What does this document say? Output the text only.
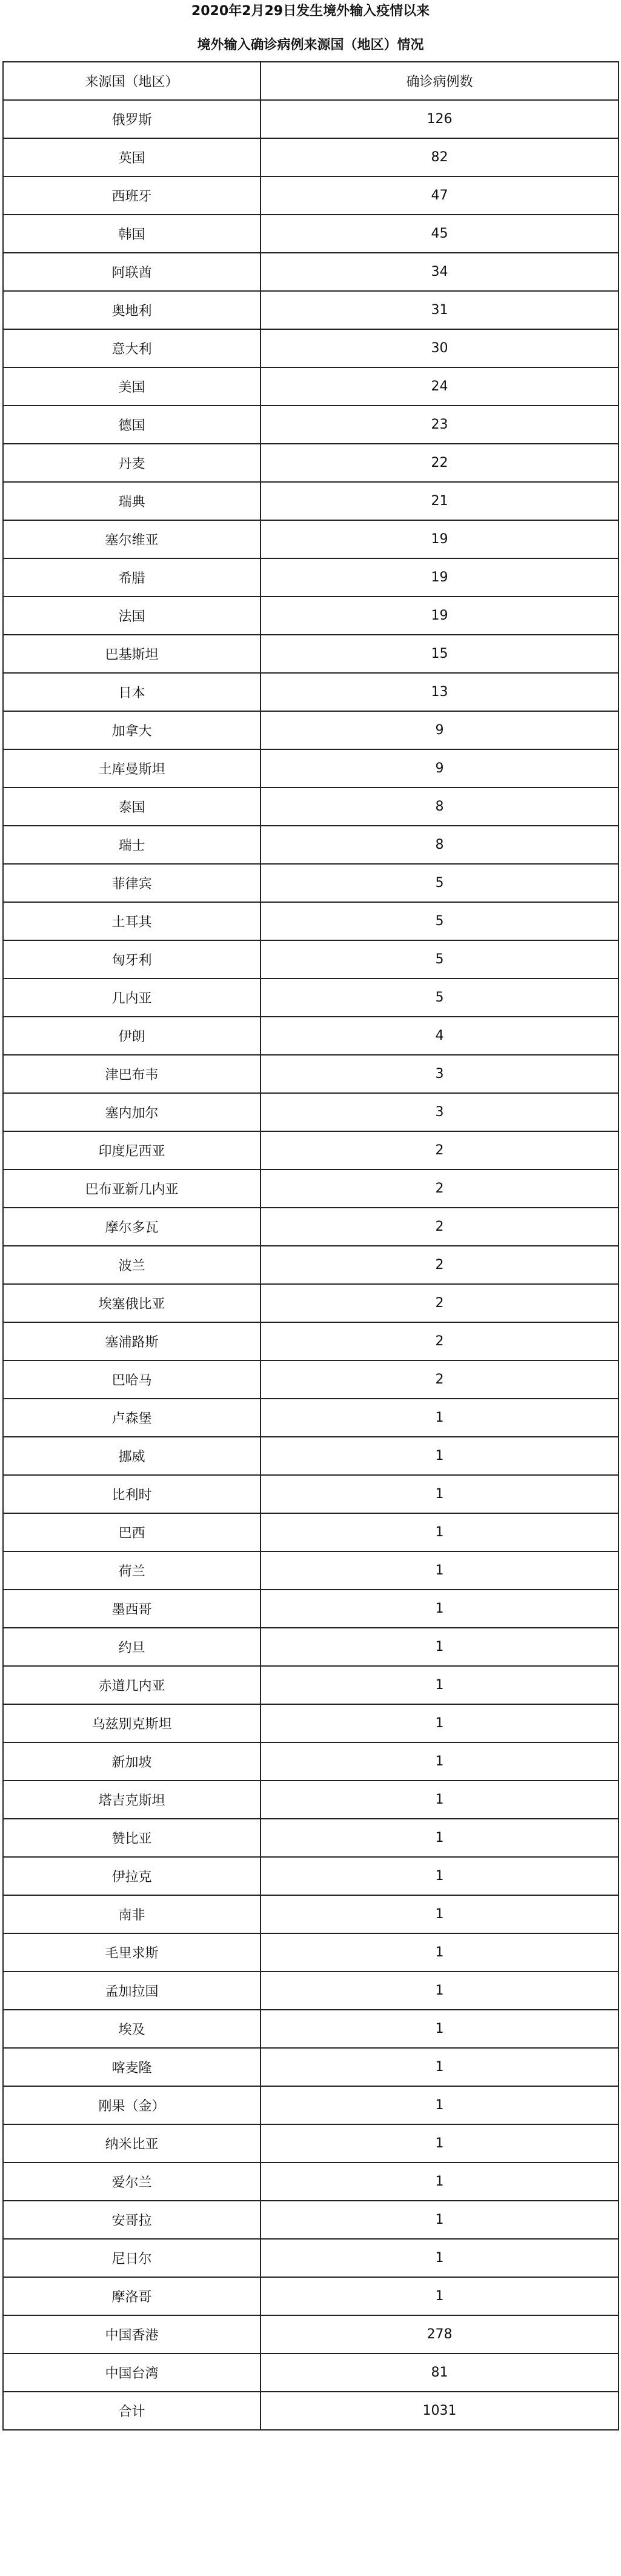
2020年2月29日发生境外输入疫情以来
境外输入确诊病例来源国（地区）情况
来源国（地区）	确诊病例数
俄罗斯	126
英国	82
西班牙	47
韩国	45
阿联酋	34
奥地利	31
意大利	30
美国	24
德国	23
丹麦	22
瑞典	21
塞尔维亚	19
希腊	19
法国	19
巴基斯坦	15
日本	13
加拿大	9
土库曼斯坦	9
泰国	8
瑞士	8
菲律宾	5
土耳其	5
匈牙利	5
几内亚	5
伊朗	4
津巴布韦	3
塞内加尔	3
印度尼西亚	2
巴布亚新几内亚	2
摩尔多瓦	2
波兰	2
埃塞俄比亚	2
塞浦路斯	2
巴哈马	2
卢森堡	1
挪威	1
比利时	1
巴西	1
荷兰	1
墨西哥	1
约旦	1
赤道几内亚	1
乌兹别克斯坦	1
新加坡	1
塔吉克斯坦	1
赞比亚	1
伊拉克	1
南非	1
毛里求斯	1
孟加拉国	1
埃及	1
喀麦隆	1
刚果（金）	1
纳米比亚	1
爱尔兰	1
安哥拉	1
尼日尔	1
摩洛哥	1
中国香港	278
中国台湾	81
合计	1031
